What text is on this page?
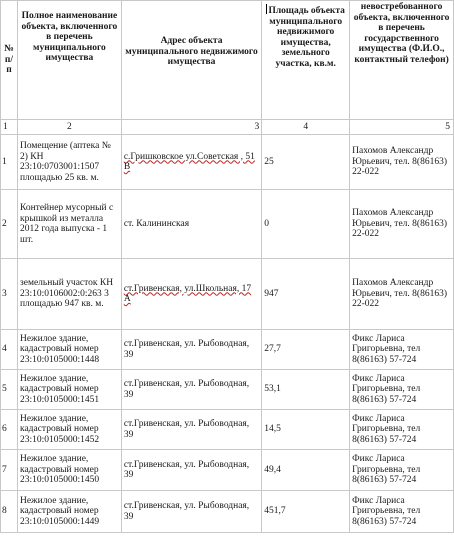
№ п/ п	Полное наименование объекта, включенного в перечень муниципального имущества	Адрес объекта муниципального недвижимого имущества	Площадь объекта муниципального недвижимого имущества, земельного участка, кв.м.	невостребованного объекта, включенного в перечень государственного имущества (Ф.И.О., контактный телефон)
1	2	3	4	5
1	Помещение (аптека № 2) КН 23:10:0703001:1507 площадью 25 кв. м.	с.Гришковское ул.Советская , 51 В	25	Пахомов Александр Юрьевич, тел. 8(86163) 22-022
2	Контейнер мусорный с крышкой из металла 2012 года выпуска - 1 шт.	ст. Калининская	0	Пахомов Александр Юрьевич, тел. 8(86163) 22-022
3	земельный участок КН 23:10:0106002:0:263 3 площадью 947 кв. м.	ст.Гривенская, ул.Школьная, 17 А	947	Пахомов Александр Юрьевич, тел. 8(86163) 22-022
4	Нежилое здание, кадастровый номер 23:10:0105000:1448	ст.Гривенская, ул. Рыбоводная, 39	27,7	Фикс Лариса Григорьевна, тел 8(86163) 57-724
5	Нежилое здание, кадастровый номер 23:10:0105000:1451	ст.Гривенская, ул. Рыбоводная, 39	53,1	Фикс Лариса Григорьевна, тел 8(86163) 57-724
6	Нежилое здание, кадастровый номер 23:10:0105000:1452	ст.Гривенская, ул. Рыбоводная, 39	14,5	Фикс Лариса Григорьевна, тел 8(86163) 57-724
7	Нежилое здание, кадастровый номер 23:10:0105000:1450	ст.Гривенская, ул. Рыбоводная, 39	49,4	Фикс Лариса Григорьевна, тел 8(86163) 57-724
8	Нежилое здание, кадастровый номер 23:10:0105000:1449	ст.Гривенская, ул. Рыбоводная, 39	451,7	Фикс Лариса Григорьевна, тел 8(86163) 57-724
